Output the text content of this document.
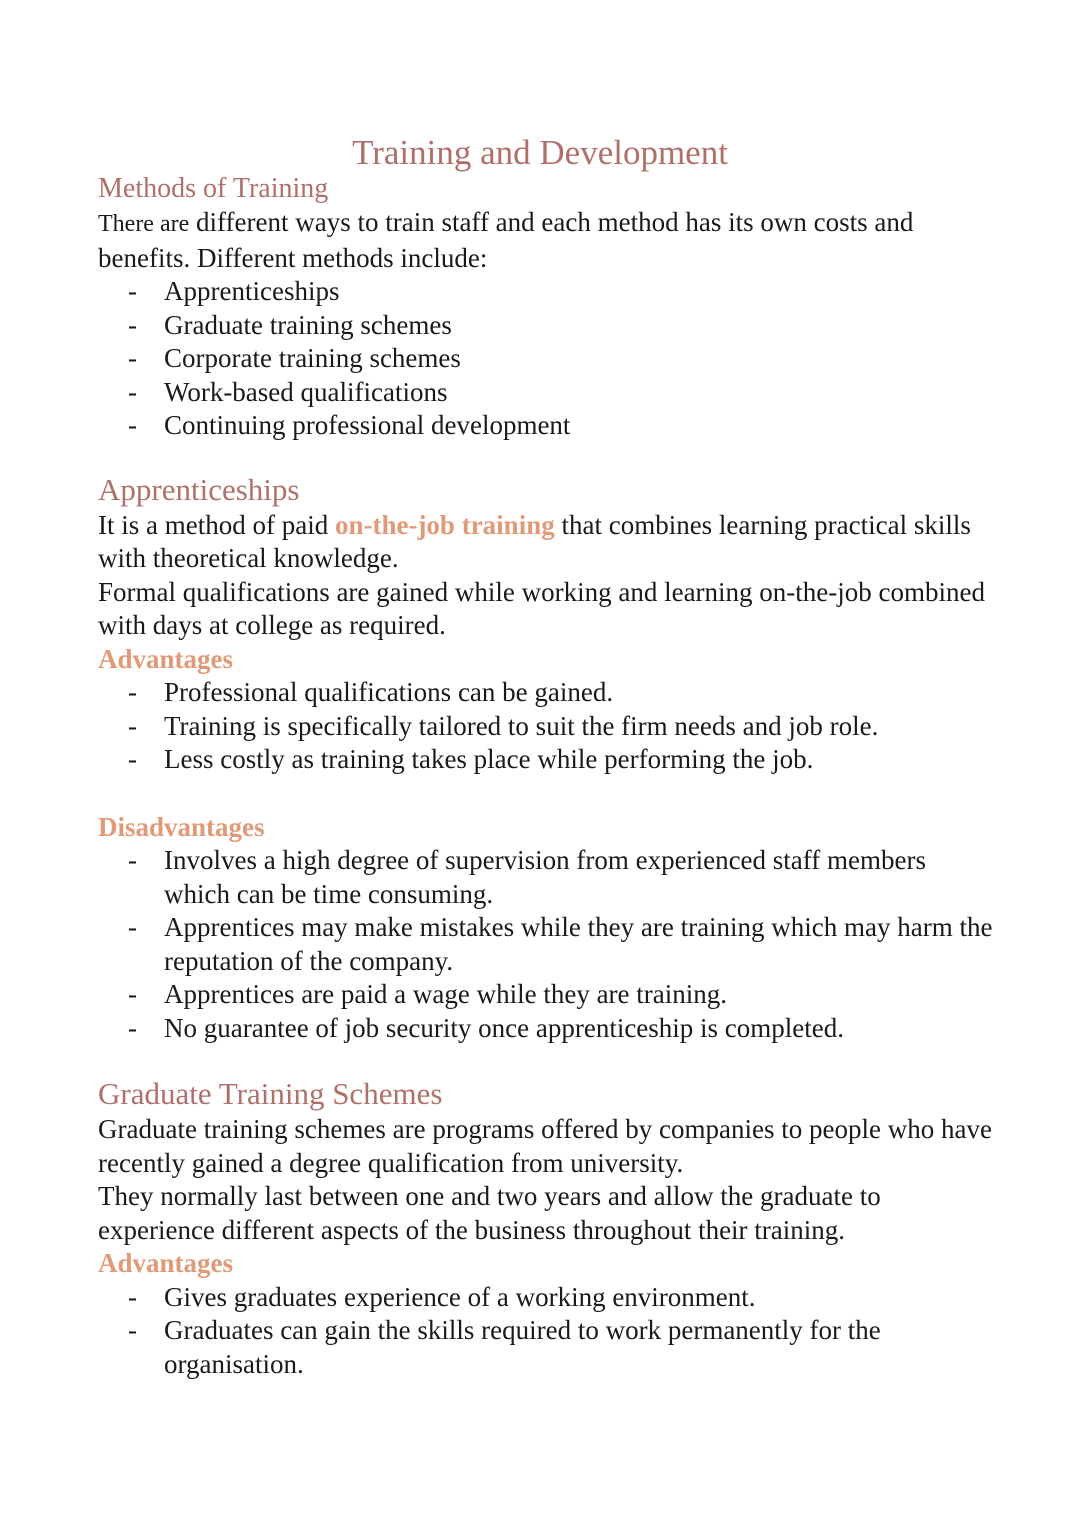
Training and Development
Methods of Training

There are different ways to train staff and each method has its own costs and benefits. Different methods include:

- Apprenticeships
- Graduate training schemes
- Corporate training schemes
- Work-based qualifications
- Continuing professional development
Apprenticeships

It is a method of paid on-the-job training that combines learning practical skills with theoretical knowledge.

Formal qualifications are gained while working and learning on-the-job combined with days at college as required.

Advantages
- Professional qualifications can be gained.
- Training is specifically tailored to suit the firm needs and job role.
- Less costly as training takes place while performing the job.
Disadvantages
- Involves a high degree of supervision from experienced staff members which can be time consuming.
- Apprentices may make mistakes while they are training which may harm the reputation of the company.
- Apprentices are paid a wage while they are training.
- No guarantee of job security once apprenticeship is completed.
Graduate Training Schemes

Graduate training schemes are programs offered by companies to people who have recently gained a degree qualification from university.

They normally last between one and two years and allow the graduate to experience different aspects of the business throughout their training.

Advantages
- Gives graduates experience of a working environment.
- Graduates can gain the skills required to work permanently for the organisation.
